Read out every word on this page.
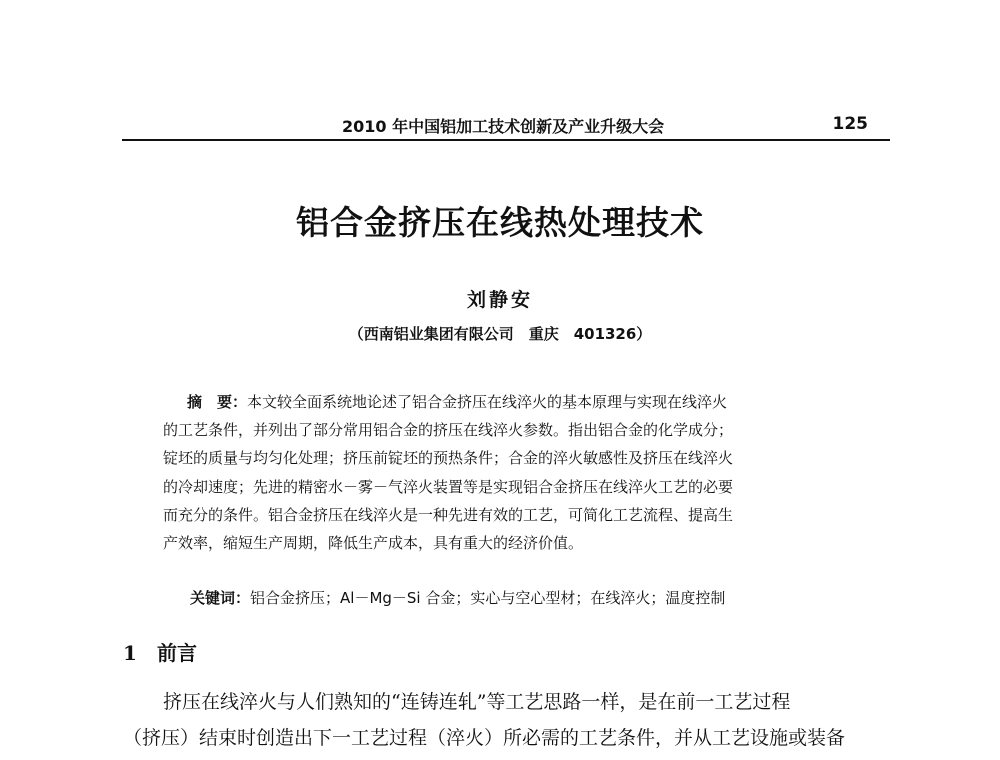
2010 年中国铝加工技术创新及产业升级大会	125
铝合金挤压在线热处理技术
刘静安
（西南铝业集团有限公司　重庆　401326）
摘　要：本文较全面系统地论述了铝合金挤压在线淬火的基本原理与实现在线淬火
的工艺条件，并列出了部分常用铝合金的挤压在线淬火参数。指出铝合金的化学成分；
锭坯的质量与均匀化处理；挤压前锭坯的预热条件；合金的淬火敏感性及挤压在线淬火
的冷却速度；先进的精密水－雾－气淬火装置等是实现铝合金挤压在线淬火工艺的必要
而充分的条件。铝合金挤压在线淬火是一种先进有效的工艺，可简化工艺流程、提高生
产效率，缩短生产周期，降低生产成本，具有重大的经济价值。
关键词：铝合金挤压；Al－Mg－Si 合金；实心与空心型材；在线淬火；温度控制
1 前言
挤压在线淬火与人们熟知的“连铸连轧”等工艺思路一样，是在前一工艺过程
（挤压）结束时创造出下一工艺过程（淬火）所必需的工艺条件，并从工艺设施或装备
